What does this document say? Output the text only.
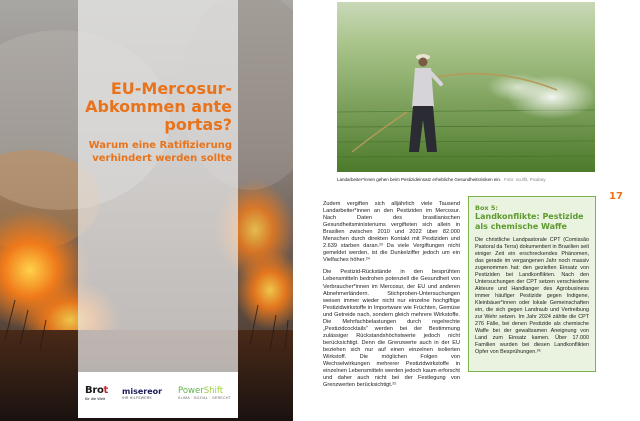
EU-Mercosur-Abkommen ante portas?
Warum eine Ratifizierung verhindert werden sollte
Brot
für die Welt
misereor
IHR HILFSWERK
PowerShift
KLIMA · SOZIAL · GERECHT
Landarbeiter*innen gehen beim Pestizideinsatz erhebliche Gesundheitsrisiken ein. Foto: sculfit, Pixabay
17

Zudem vergiften sich alljährlich viele Tausend Landarbeiter*innen an den Pestiziden im Mercosur. Nach Daten des brasilianischen Gesundheitsministeriums vergifteten sich allein in Brasilien zwischen 2010 und 2022 über 82.000 Menschen durch direkten Kontakt mit Pestiziden und 2.639 starben daran.²³ Da viele Vergiftungen nicht gemeldet werden, ist die Dunkelziffer jedoch um ein Vielfaches höher.²⁴

Die Pestizid-Rückstände in den besprühten Lebensmitteln bedrohen potenziell die Gesundheit von Verbraucher*innen im Mercosur, der EU und anderen Abnehmerländern. Stichproben-Untersuchungen weisen immer wieder nicht nur einzelne hochgiftige Pestizidwirkstoffe in Importware wie Früchten, Gemüse und Getreide nach, sondern gleich mehrere Wirkstoffe. Die Mehrfachbelastungen durch regelrechte „Pestizidcocktails“ werden bei der Bestimmung zulässiger Rückstandshöchstwerte jedoch nicht berücksichtigt. Denn die Grenzwerte auch in der EU beziehen sich nur auf einen einzelnen isolierten Wirkstoff. Die möglichen Folgen von Wechselwirkungen mehrerer Pestizidwirkstoffe in einzelnen Lebensmitteln werden jedoch kaum erforscht und daher auch nicht bei der Festlegung von Grenzwerten berücksichtigt.²⁵

Box 5:
Landkonflikte: Pestizide als chemische Waffe
Die christliche Landpastorale CPT (Comissão Pastoral da Terra) dokumentiert in Brasilien seit einiger Zeit ein erschreckendes Phänomen, das gerade im vergangenen Jahr noch massiv zugenommen hat: den gezielten Einsatz von Pestiziden bei Landkonflikten. Nach den Untersuchungen der CPT setzen verschiedene Akteure und Handlanger des Agrobusiness immer häufiger Pestizide gegen Indigene, Kleinbäuer*innen oder lokale Gemeinschaften ein, die sich gegen Landraub und Vertreibung zur Wehr setzen. Im Jahr 2024 zählte die CPT 276 Fälle, bei denen Pestizide als chemische Waffe bei der gewaltsamen Aneignung von Land zum Einsatz kamen. Über 17.000 Familien wurden bei diesen Landkonflikten Opfer von Besprühungen.²⁶
